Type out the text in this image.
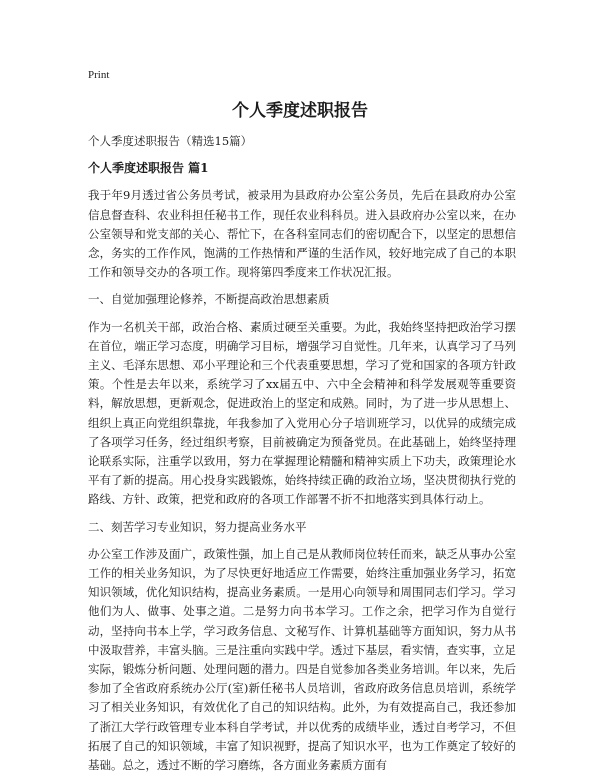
Print
个人季度述职报告

个人季度述职报告（精选15篇）

个人季度述职报告 篇1

我于年9月透过省公务员考试，被录用为县政府办公室公务员，先后在县政府办公室信息督查科、农业科担任秘书工作，现任农业科科员。进入县政府办公室以来，在办公室领导和党支部的关心、帮忙下，在各科室同志们的密切配合下，以坚定的思想信念，务实的工作作风，饱满的工作热情和严谨的生活作风，较好地完成了自己的本职工作和领导交办的各项工作。现将第四季度来工作状况汇报。

一、自觉加强理论修养，不断提高政治思想素质

作为一名机关干部，政治合格、素质过硬至关重要。为此，我始终坚持把政治学习摆在首位，端正学习态度，明确学习目标，增强学习自觉性。几年来，认真学习了马列主义、毛泽东思想、邓小平理论和三个代表重要思想，学习了党和国家的各项方针政策。个性是去年以来，系统学习了xx届五中、六中全会精神和科学发展观等重要资料，解放思想，更新观念，促进政治上的坚定和成熟。同时，为了进一步从思想上、组织上真正向党组织靠拢，年我参加了入党用心分子培训班学习，以优异的成绩完成了各项学习任务，经过组织考察，目前被确定为预备党员。在此基础上，始终坚持理论联系实际，注重学以致用，努力在掌握理论精髓和精神实质上下功夫，政策理论水平有了新的提高。用心投身实践锻炼，始终持续正确的政治立场，坚决贯彻执行党的路线、方针、政策，把党和政府的各项工作部署不折不扣地落实到具体行动上。

二、刻苦学习专业知识，努力提高业务水平

办公室工作涉及面广，政策性强，加上自己是从教师岗位转任而来，缺乏从事办公室工作的相关业务知识，为了尽快更好地适应工作需要，始终注重加强业务学习，拓宽知识领域，优化知识结构，提高业务素质。一是用心向领导和周围同志们学习。学习他们为人、做事、处事之道。二是努力向书本学习。工作之余，把学习作为自觉行动，坚持向书本上学，学习政务信息、文秘写作、计算机基础等方面知识，努力从书中汲取营养，丰富头脑。三是注重向实践中学。透过下基层，看实情，查实事，立足实际，锻炼分析问题、处理问题的潜力。四是自觉参加各类业务培训。年以来，先后参加了全省政府系统办公厅(室)新任秘书人员培训，省政府政务信息员培训，系统学习了相关业务知识，有效优化了自己的知识结构。此外，为有效提高自己，我还参加了浙江大学行政管理专业本科自学考试，并以优秀的成绩毕业，透过自考学习，不但拓展了自己的知识领域，丰富了知识视野，提高了知识水平，也为工作奠定了较好的基础。总之，透过不断的学习磨练，各方面业务素质方面有
